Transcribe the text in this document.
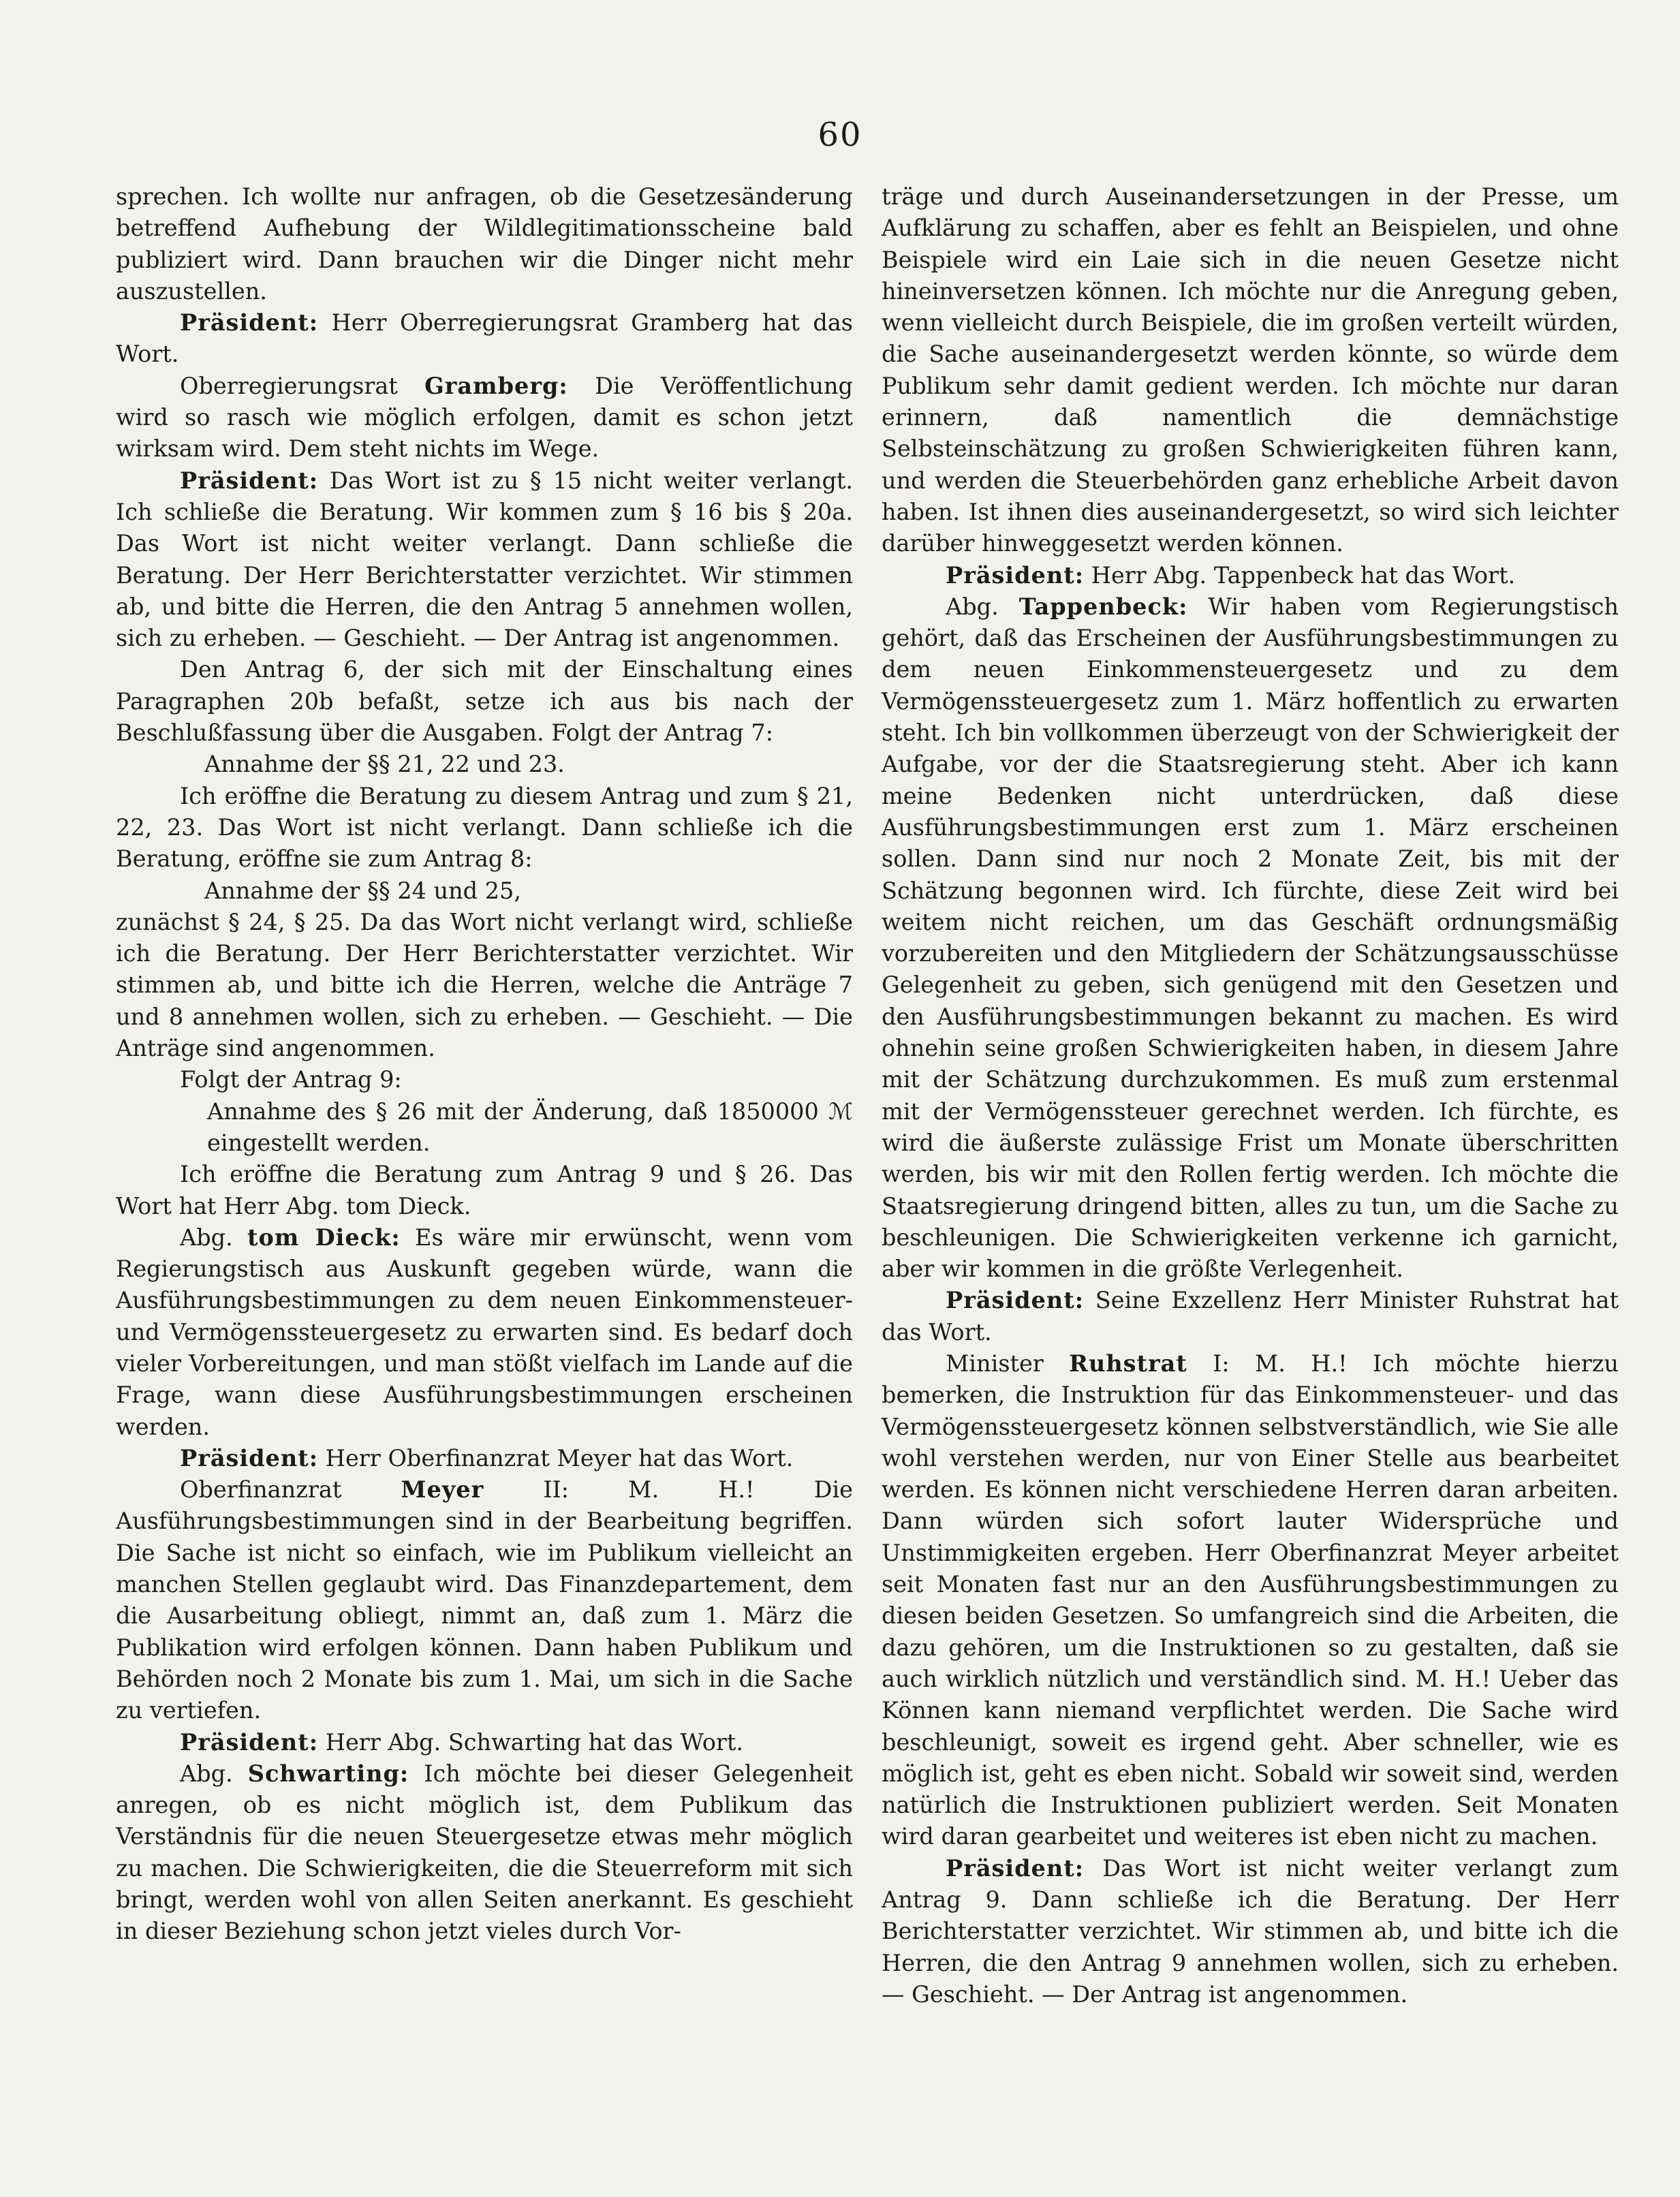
60

sprechen. Ich wollte nur anfragen, ob die Gesetzesänderung betreffend Aufhebung der Wildlegitimationsscheine bald publiziert wird. Dann brauchen wir die Dinger nicht mehr auszustellen.

Präsident: Herr Oberregierungsrat Gramberg hat das Wort.

Oberregierungsrat Gramberg: Die Veröffentlichung wird so rasch wie möglich erfolgen, damit es schon jetzt wirksam wird. Dem steht nichts im Wege.

Präsident: Das Wort ist zu § 15 nicht weiter verlangt. Ich schließe die Beratung. Wir kommen zum § 16 bis § 20a. Das Wort ist nicht weiter verlangt. Dann schließe die Beratung. Der Herr Berichterstatter verzichtet. Wir stimmen ab, und bitte die Herren, die den Antrag 5 annehmen wollen, sich zu erheben. — Geschieht. — Der Antrag ist angenommen.

Den Antrag 6, der sich mit der Einschaltung eines Paragraphen 20b befaßt, setze ich aus bis nach der Beschlußfassung über die Ausgaben. Folgt der Antrag 7:

Annahme der §§ 21, 22 und 23.

Ich eröffne die Beratung zu diesem Antrag und zum § 21, 22, 23. Das Wort ist nicht verlangt. Dann schließe ich die Beratung, eröffne sie zum Antrag 8:

Annahme der §§ 24 und 25,

zunächst § 24, § 25. Da das Wort nicht verlangt wird, schließe ich die Beratung. Der Herr Berichterstatter verzichtet. Wir stimmen ab, und bitte ich die Herren, welche die Anträge 7 und 8 annehmen wollen, sich zu erheben. — Geschieht. — Die Anträge sind angenommen.

Folgt der Antrag 9:

Annahme des § 26 mit der Änderung, daß 1850000 ℳ eingestellt werden.

Ich eröffne die Beratung zum Antrag 9 und § 26. Das Wort hat Herr Abg. tom Dieck.

Abg. tom Dieck: Es wäre mir erwünscht, wenn vom Regierungstisch aus Auskunft gegeben würde, wann die Ausführungsbestimmungen zu dem neuen Einkommensteuer- und Vermögenssteuergesetz zu erwarten sind. Es bedarf doch vieler Vorbereitungen, und man stößt vielfach im Lande auf die Frage, wann diese Ausführungsbestimmungen erscheinen werden.

Präsident: Herr Oberfinanzrat Meyer hat das Wort.

Oberfinanzrat Meyer II: M. H.! Die Ausführungsbestimmungen sind in der Bearbeitung begriffen. Die Sache ist nicht so einfach, wie im Publikum vielleicht an manchen Stellen geglaubt wird. Das Finanzdepartement, dem die Ausarbeitung obliegt, nimmt an, daß zum 1. März die Publikation wird erfolgen können. Dann haben Publikum und Behörden noch 2 Monate bis zum 1. Mai, um sich in die Sache zu vertiefen.

Präsident: Herr Abg. Schwarting hat das Wort.

Abg. Schwarting: Ich möchte bei dieser Gelegenheit anregen, ob es nicht möglich ist, dem Publikum das Verständnis für die neuen Steuergesetze etwas mehr möglich zu machen. Die Schwierigkeiten, die die Steuerreform mit sich bringt, werden wohl von allen Seiten anerkannt. Es geschieht in dieser Beziehung schon jetzt vieles durch Vor-

träge und durch Auseinandersetzungen in der Presse, um Aufklärung zu schaffen, aber es fehlt an Beispielen, und ohne Beispiele wird ein Laie sich in die neuen Gesetze nicht hineinversetzen können. Ich möchte nur die Anregung geben, wenn vielleicht durch Beispiele, die im großen verteilt würden, die Sache auseinandergesetzt werden könnte, so würde dem Publikum sehr damit gedient werden. Ich möchte nur daran erinnern, daß namentlich die demnächstige Selbsteinschätzung zu großen Schwierigkeiten führen kann, und werden die Steuerbehörden ganz erhebliche Arbeit davon haben. Ist ihnen dies auseinandergesetzt, so wird sich leichter darüber hinweggesetzt werden können.

Präsident: Herr Abg. Tappenbeck hat das Wort.

Abg. Tappenbeck: Wir haben vom Regierungstisch gehört, daß das Erscheinen der Ausführungsbestimmungen zu dem neuen Einkommensteuergesetz und zu dem Vermögenssteuergesetz zum 1. März hoffentlich zu erwarten steht. Ich bin vollkommen überzeugt von der Schwierigkeit der Aufgabe, vor der die Staatsregierung steht. Aber ich kann meine Bedenken nicht unterdrücken, daß diese Ausführungsbestimmungen erst zum 1. März erscheinen sollen. Dann sind nur noch 2 Monate Zeit, bis mit der Schätzung begonnen wird. Ich fürchte, diese Zeit wird bei weitem nicht reichen, um das Geschäft ordnungsmäßig vorzubereiten und den Mitgliedern der Schätzungsausschüsse Gelegenheit zu geben, sich genügend mit den Gesetzen und den Ausführungsbestimmungen bekannt zu machen. Es wird ohnehin seine großen Schwierigkeiten haben, in diesem Jahre mit der Schätzung durchzukommen. Es muß zum erstenmal mit der Vermögenssteuer gerechnet werden. Ich fürchte, es wird die äußerste zulässige Frist um Monate überschritten werden, bis wir mit den Rollen fertig werden. Ich möchte die Staatsregierung dringend bitten, alles zu tun, um die Sache zu beschleunigen. Die Schwierigkeiten verkenne ich garnicht, aber wir kommen in die größte Verlegenheit.

Präsident: Seine Exzellenz Herr Minister Ruhstrat hat das Wort.

Minister Ruhstrat I: M. H.! Ich möchte hierzu bemerken, die Instruktion für das Einkommensteuer- und das Vermögenssteuergesetz können selbstverständlich, wie Sie alle wohl verstehen werden, nur von Einer Stelle aus bearbeitet werden. Es können nicht verschiedene Herren daran arbeiten. Dann würden sich sofort lauter Widersprüche und Unstimmigkeiten ergeben. Herr Oberfinanzrat Meyer arbeitet seit Monaten fast nur an den Ausführungsbestimmungen zu diesen beiden Gesetzen. So umfangreich sind die Arbeiten, die dazu gehören, um die Instruktionen so zu gestalten, daß sie auch wirklich nützlich und verständlich sind. M. H.! Ueber das Können kann niemand verpflichtet werden. Die Sache wird beschleunigt, soweit es irgend geht. Aber schneller, wie es möglich ist, geht es eben nicht. Sobald wir soweit sind, werden natürlich die Instruktionen publiziert werden. Seit Monaten wird daran gearbeitet und weiteres ist eben nicht zu machen.

Präsident: Das Wort ist nicht weiter verlangt zum Antrag 9. Dann schließe ich die Beratung. Der Herr Berichterstatter verzichtet. Wir stimmen ab, und bitte ich die Herren, die den Antrag 9 annehmen wollen, sich zu erheben. — Geschieht. — Der Antrag ist angenommen.
